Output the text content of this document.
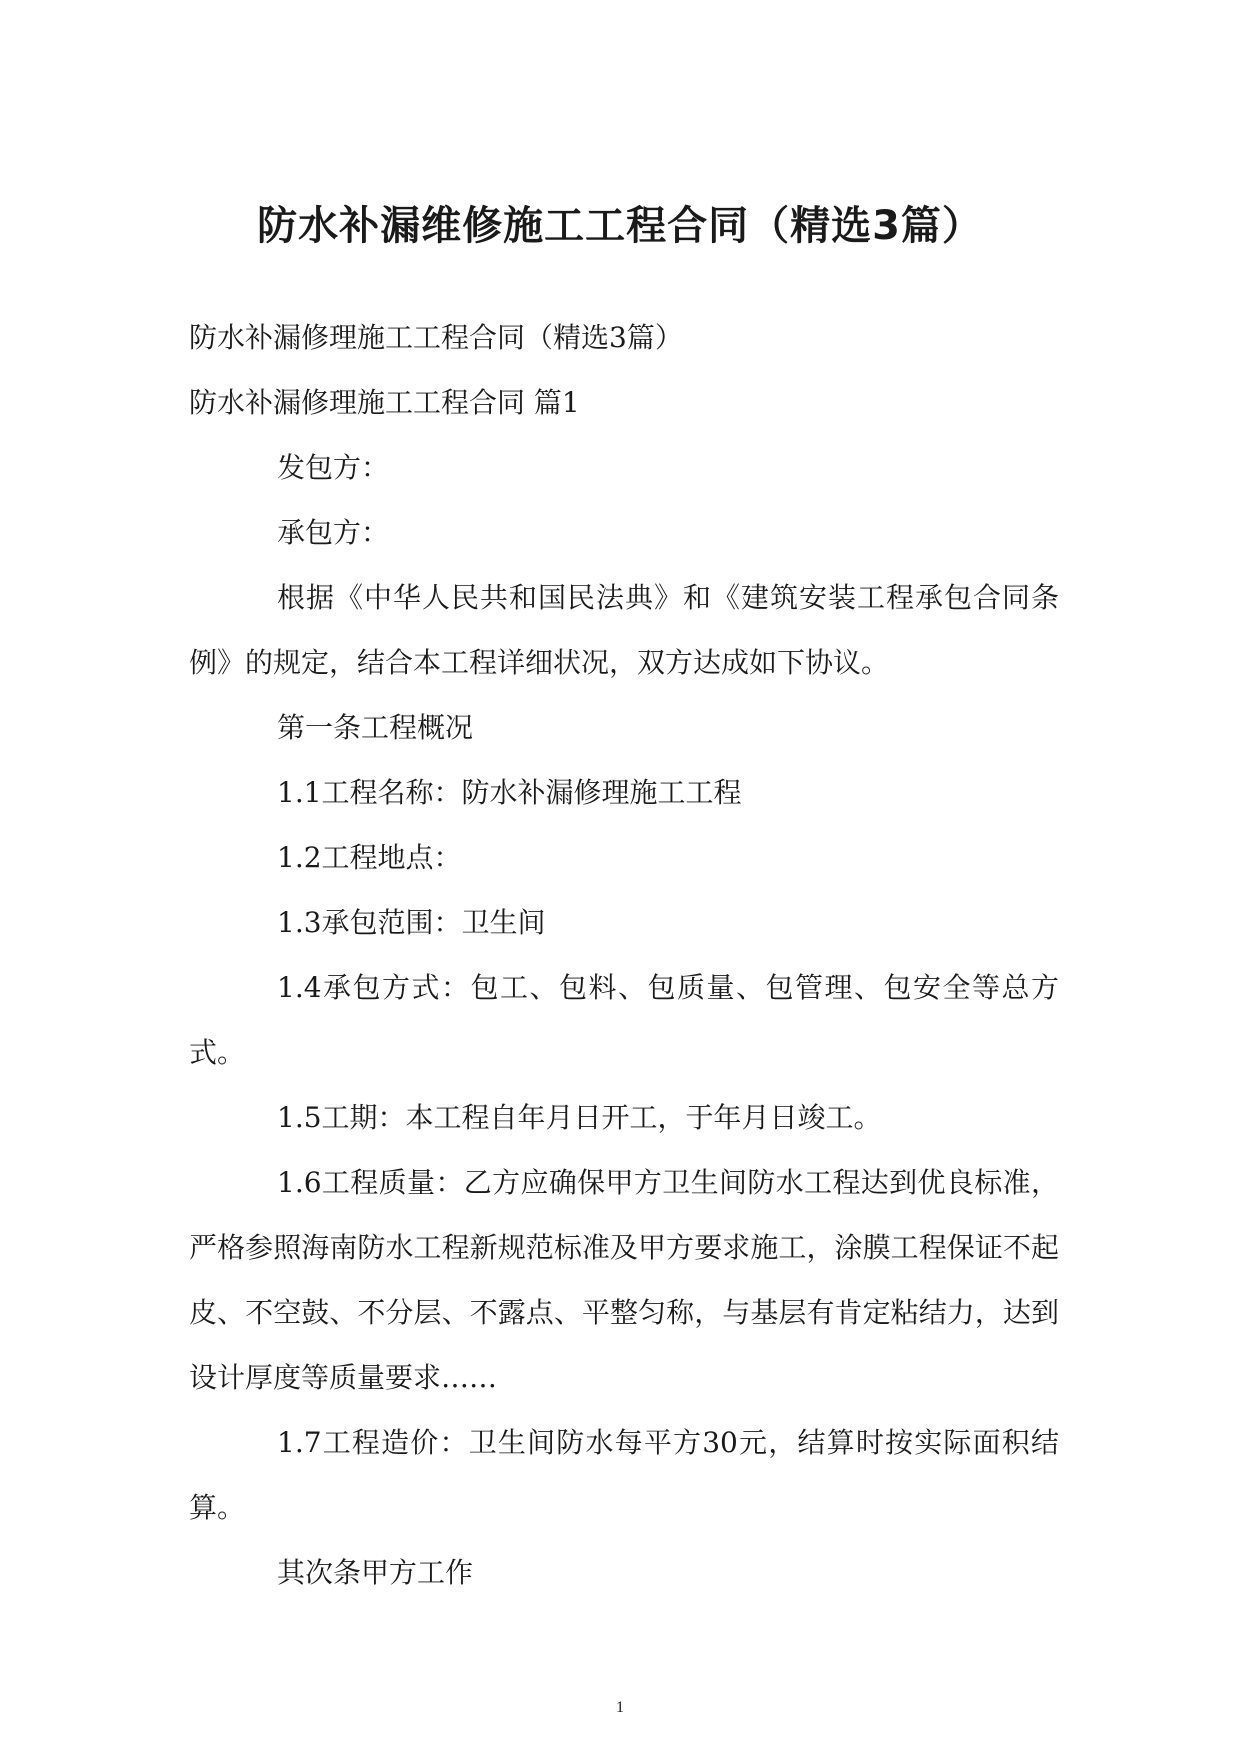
防水补漏维修施工工程合同（精选3篇）

防水补漏修理施工工程合同（精选3篇）

防水补漏修理施工工程合同 篇1

发包方：

承包方：

根据《中华人民共和国民法典》和《建筑安装工程承包合同条例》的规定，结合本工程详细状况，双方达成如下协议。

第一条工程概况

1.1工程名称：防水补漏修理施工工程

1.2工程地点：

1.3承包范围：卫生间

1.4承包方式：包工、包料、包质量、包管理、包安全等总方式。

1.5工期：本工程自年月日开工，于年月日竣工。

1.6工程质量：乙方应确保甲方卫生间防水工程达到优良标准，严格参照海南防水工程新规范标准及甲方要求施工，涂膜工程保证不起皮、不空鼓、不分层、不露点、平整匀称，与基层有肯定粘结力，达到设计厚度等质量要求……

1.7工程造价：卫生间防水每平方30元，结算时按实际面积结算。

其次条甲方工作

1
